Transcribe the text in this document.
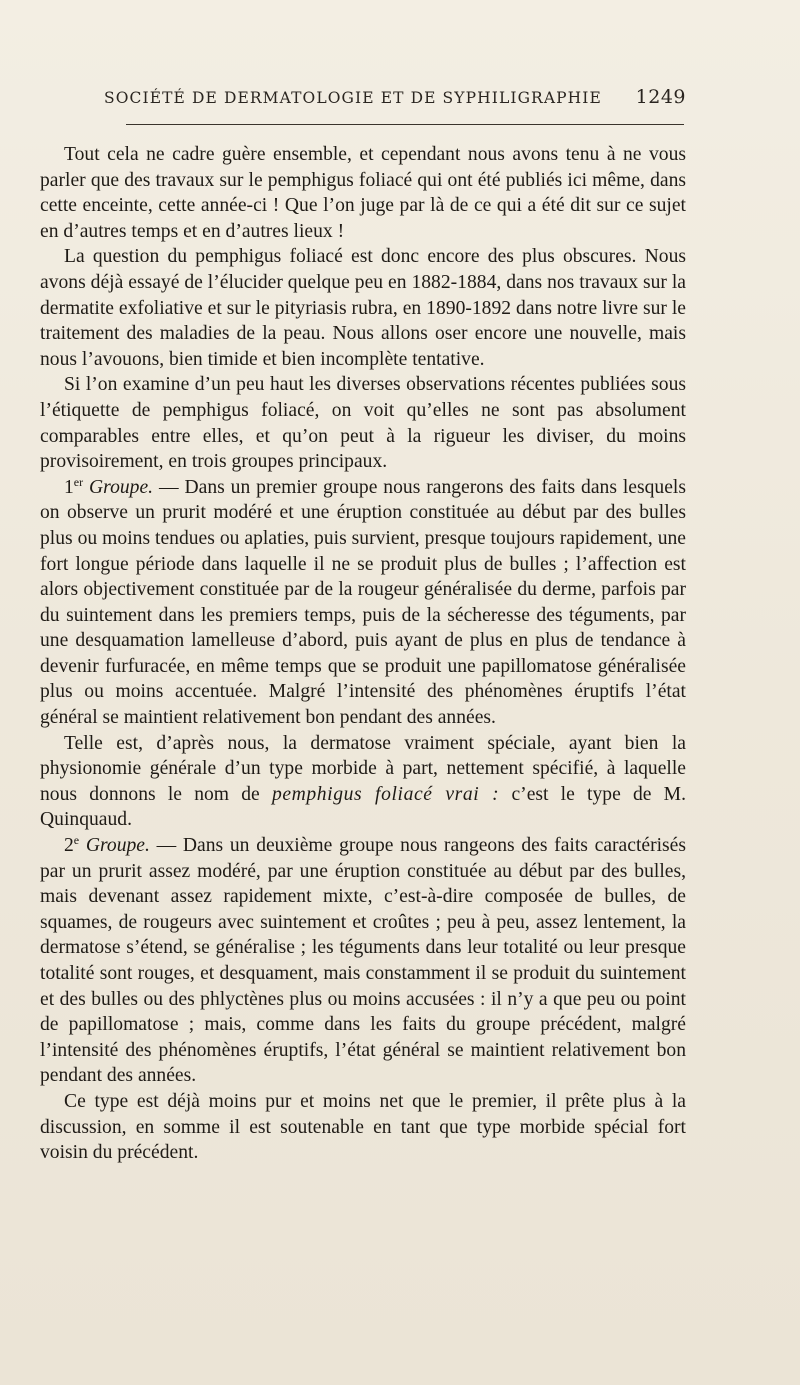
SOCIÉTÉ DE DERMATOLOGIE ET DE SYPHILIGRAPHIE 1249

Tout cela ne cadre guère ensemble, et cependant nous avons tenu à ne vous parler que des travaux sur le pemphigus foliacé qui ont été publiés ici même, dans cette enceinte, cette année-ci ! Que l’on juge par là de ce qui a été dit sur ce sujet en d’autres temps et en d’autres lieux !

La question du pemphigus foliacé est donc encore des plus obscures. Nous avons déjà essayé de l’élucider quelque peu en 1882-1884, dans nos travaux sur la dermatite exfoliative et sur le pityriasis rubra, en 1890-1892 dans notre livre sur le traitement des maladies de la peau. Nous allons oser encore une nouvelle, mais nous l’avouons, bien timide et bien incomplète tentative.

Si l’on examine d’un peu haut les diverses observations récentes publiées sous l’étiquette de pemphigus foliacé, on voit qu’elles ne sont pas absolument comparables entre elles, et qu’on peut à la rigueur les diviser, du moins provisoirement, en trois groupes principaux.

1er Groupe. — Dans un premier groupe nous rangerons des faits dans lesquels on observe un prurit modéré et une éruption constituée au début par des bulles plus ou moins tendues ou aplaties, puis survient, presque toujours rapidement, une fort longue période dans laquelle il ne se produit plus de bulles ; l’affection est alors objectivement constituée par de la rougeur généralisée du derme, parfois par du suintement dans les premiers temps, puis de la sécheresse des téguments, par une desquamation lamelleuse d’abord, puis ayant de plus en plus de tendance à devenir furfuracée, en même temps que se produit une papillomatose généralisée plus ou moins accentuée. Malgré l’intensité des phénomènes éruptifs l’état général se maintient relativement bon pendant des années.

Telle est, d’après nous, la dermatose vraiment spéciale, ayant bien la physionomie générale d’un type morbide à part, nettement spécifié, à laquelle nous donnons le nom de pemphigus foliacé vrai : c’est le type de M. Quinquaud.

2e Groupe. — Dans un deuxième groupe nous rangeons des faits caractérisés par un prurit assez modéré, par une éruption constituée au début par des bulles, mais devenant assez rapidement mixte, c’est-à-dire composée de bulles, de squames, de rougeurs avec suintement et croûtes ; peu à peu, assez lentement, la dermatose s’étend, se généralise ; les téguments dans leur totalité ou leur presque totalité sont rouges, et desquament, mais constamment il se produit du suintement et des bulles ou des phlyctènes plus ou moins accusées : il n’y a que peu ou point de papillomatose ; mais, comme dans les faits du groupe précédent, malgré l’intensité des phénomènes éruptifs, l’état général se maintient relativement bon pendant des années.

Ce type est déjà moins pur et moins net que le premier, il prête plus à la discussion, en somme il est soutenable en tant que type morbide spécial fort voisin du précédent.
